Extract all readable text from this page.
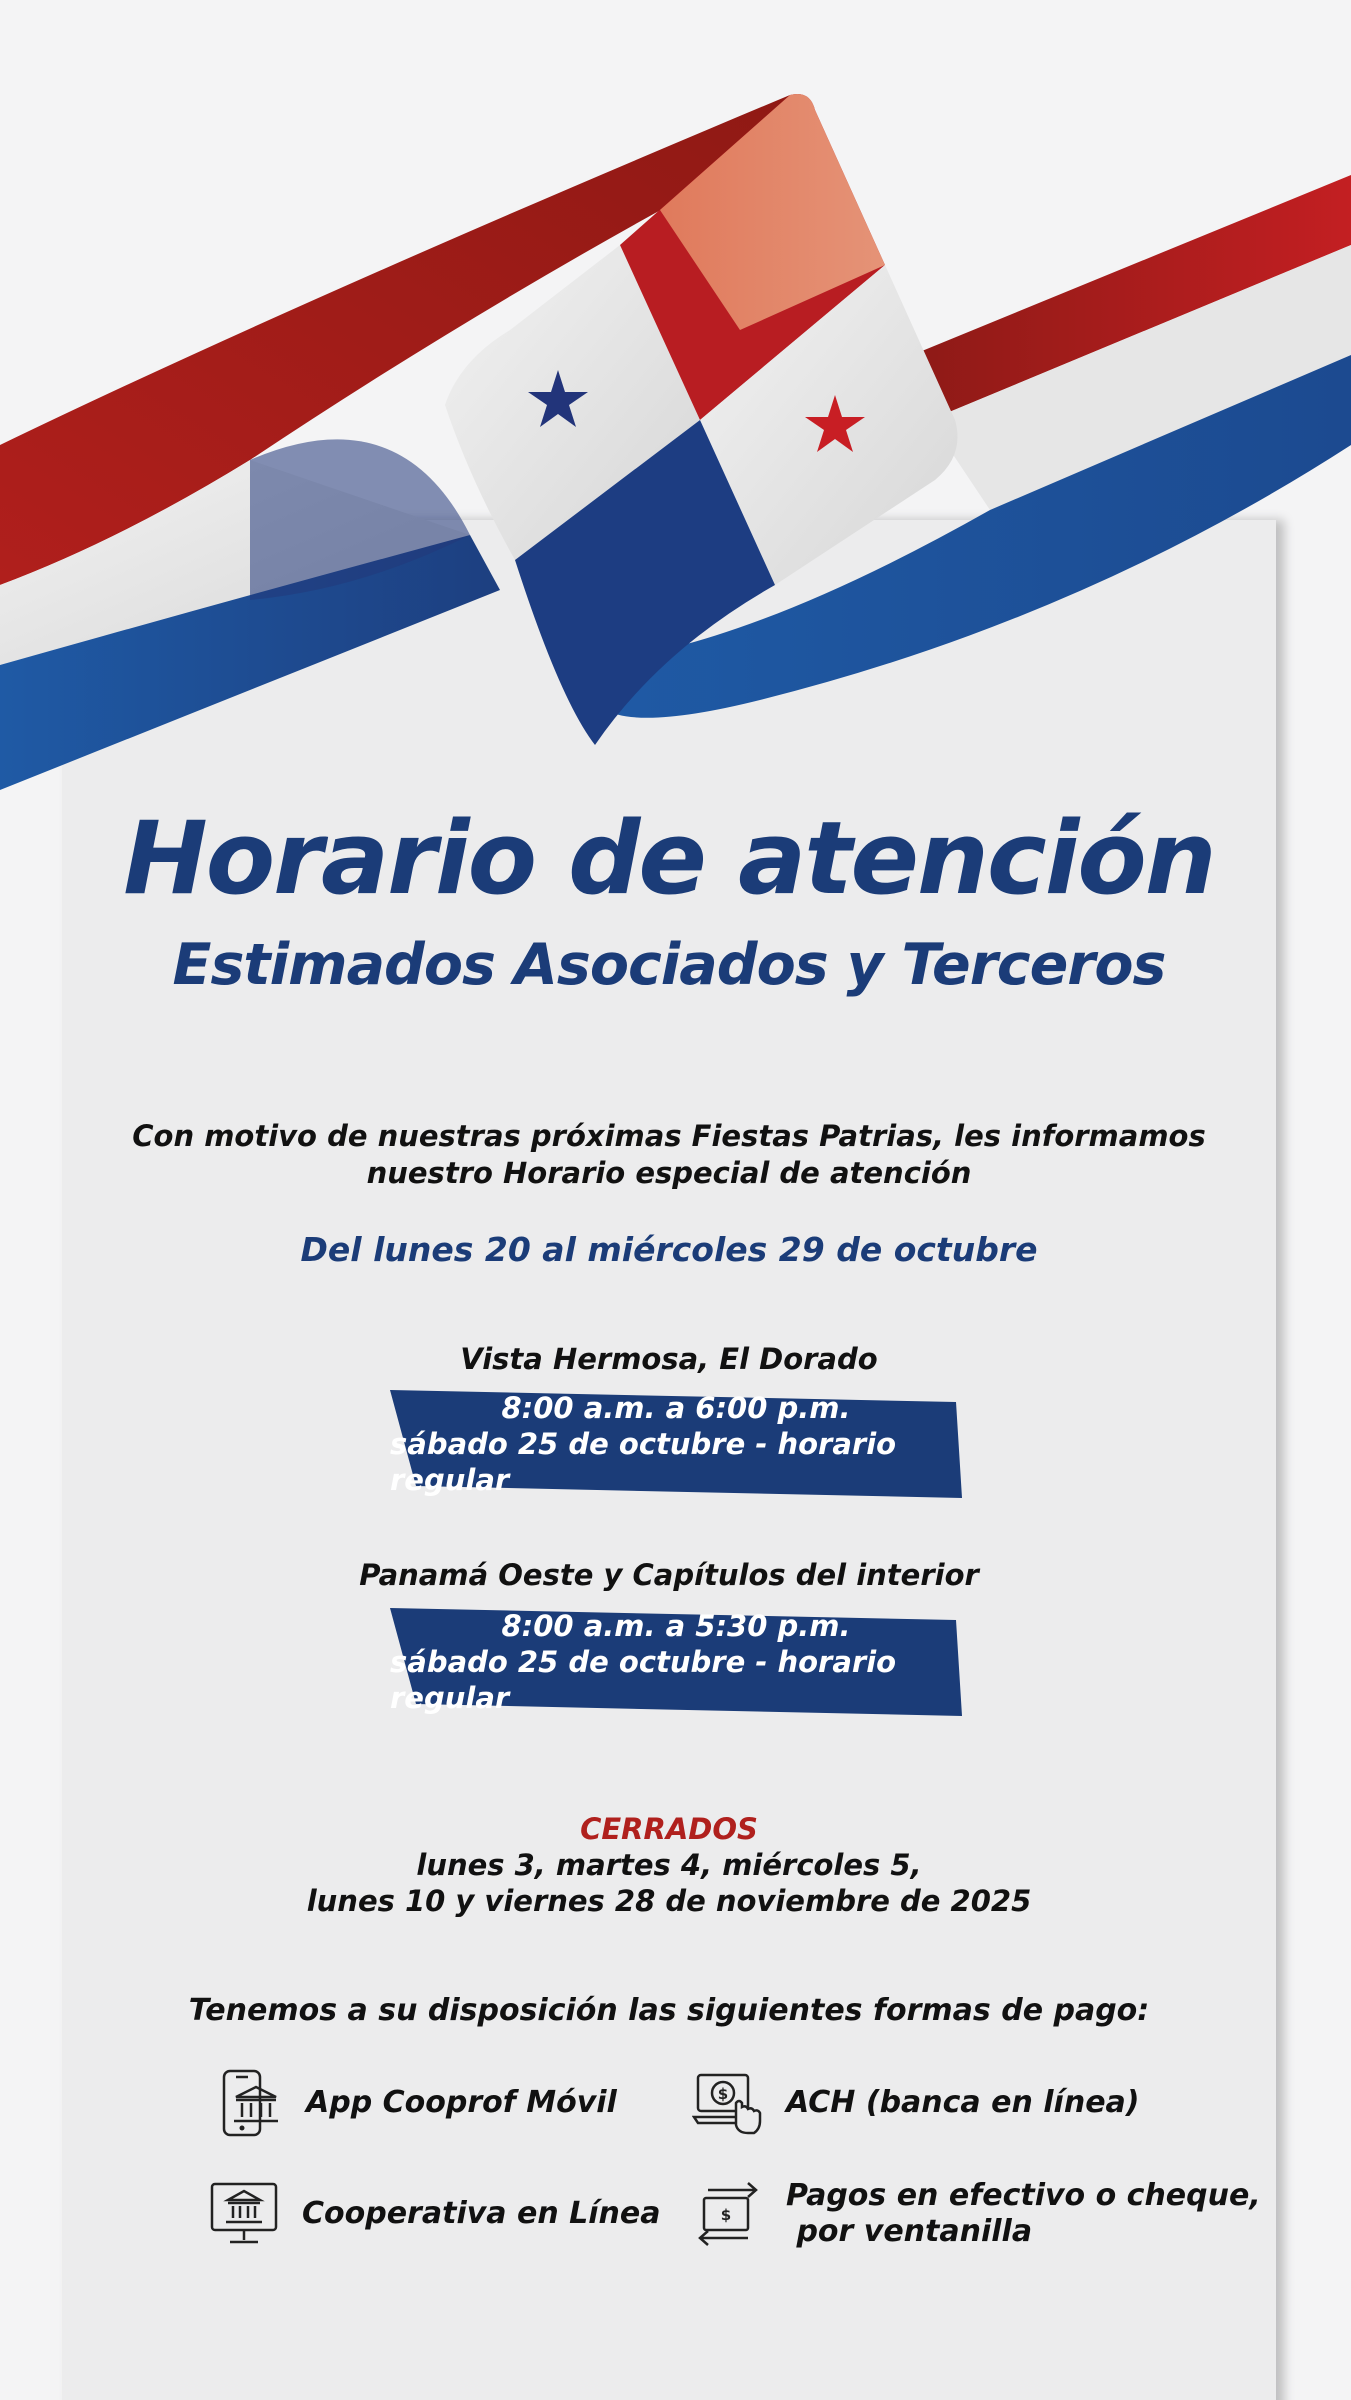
Horario de atención
Estimados Asociados y Terceros
Con motivo de nuestras próximas Fiestas Patrias, les informamos
nuestro Horario especial de atención
Del lunes 20 al miércoles 29 de octubre
Vista Hermosa, El Dorado
8:00 a.m. a 6:00 p.m.
sábado 25 de octubre - horario regular
Panamá Oeste y Capítulos del interior
8:00 a.m. a 5:30 p.m.
sábado 25 de octubre - horario regular
CERRADOS
lunes 3, martes 4, miércoles 5,
lunes 10 y viernes 28 de noviembre de 2025
Tenemos a su disposición las siguientes formas de pago:
App Cooprof Móvil	$ ACH (banca en línea)
Cooperativa en Línea	$
Pagos en efectivo o cheque,
por ventanilla
